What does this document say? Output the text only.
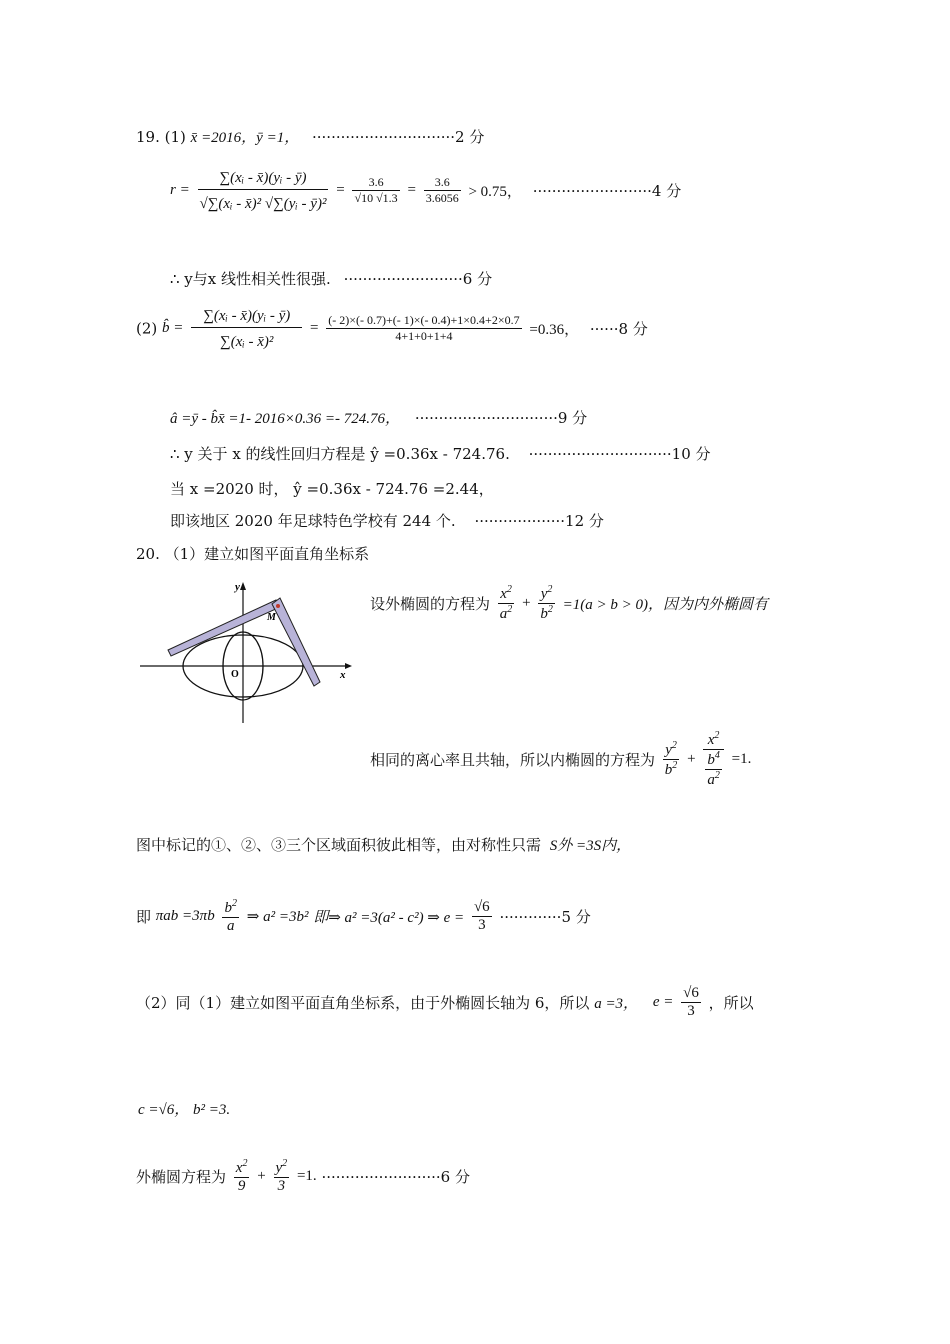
19. (1) x̄ =2016，ȳ =1， ······························2 分
$r = \frac{\text{∑(xᵢ - x̄)(yᵢ - ȳ)}}{\text{√∑(xᵢ - x̄)² √∑(yᵢ - ȳ)²}} = \frac{3.6}{√10 √1.3} = \frac{3.6}{3.6056} > 0.75$， ·························4 分
∴ y与x 线性相关性很强. ·························6 分
(2) b̂ = $\frac{\text{∑(xᵢ - x̄)(yᵢ - ȳ)}}{\text{∑(xᵢ - x̄)²}} = \frac{(- 2)\times(- 0.7)+(- 1)\times(- 0.4)+1\times 0.4+2\times 0.7}{4+1+0+1+4} =0.36$， ······8 分
â =ȳ - b̂x̄ =1- 2016×0.36 =- 724.76， ······························9 分
∴ y 关于 x 的线性回归方程是 ŷ =0.36x - 724.76. ······························10 分
当 x =2020 时， ŷ =0.36x - 724.76 =2.44，
即该地区 2020 年足球特色学校有 244 个. ···················12 分
20. （1）建立如图平面直角坐标系
y
x
O
M
设外椭圆的方程为 $\frac{x^2}{a^2} + \frac{y^2}{b^2} =1(a > b > 0)$，因为内外椭圆有
相同的离心率且共轴，所以内椭圆的方程为 $\frac{y^2}{b^2} + \frac{x^2}{\frac{b^4}{a^2}} =1$.
图中标记的①、②、③三个区域面积彼此相等，由对称性只需 S外 =3S内，
即 $\pi ab =3\pi b \frac{b^2}{a}$ ⇒ a² =3b² 即⇒ a² =3(a² - c²) ⇒ $e = \frac{√6}{3} \cdot\cdot\cdot\cdot\cdot\cdot\cdot\cdot\cdot\cdot\cdot\cdot\cdot 5$ 分
（2）同（1）建立如图平面直角坐标系，由于外椭圆长轴为 6，所以 a =3， $e = \frac{√6}{3}$ ，所以
c =√6， b² =3.
外椭圆方程为 $\frac{x^2}{9} + \frac{y^2}{3} =1$. ·························6 分
